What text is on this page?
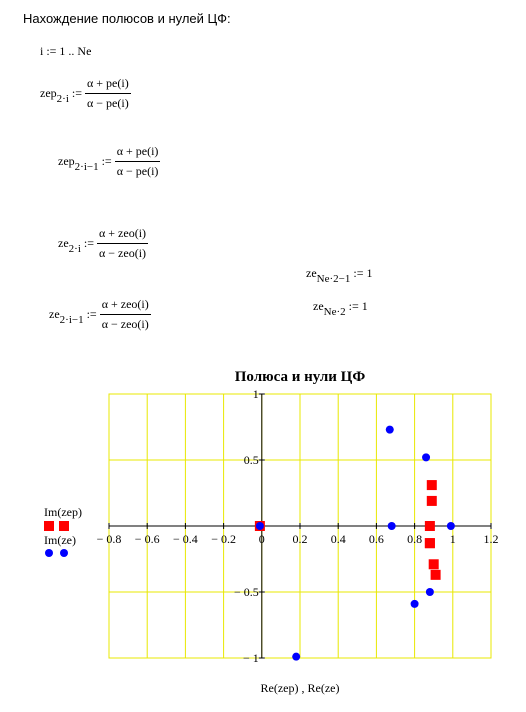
Нахождение полюсов и нулей ЦФ:
i := 1 .. Ne
zep2·i := $\frac{\alpha + pe(i)}{\alpha - pe(i)}$
zep2·i−1 := $\frac{\alpha + pe(i)}{\alpha - pe(i)}$
ze2·i := $\frac{\text{α + zeo(i)}}{\text{α − zeo(i)}}$
ze2·i−1 := $\frac{\text{α + zeo(i)}}{\text{α − zeo(i)}}$
zeNe·2−1 := 1
zeNe·2 := 1
Im(zep)
Im(ze)
Полюса и нули ЦФ
− 0.8 − 0.6 − 0.4 − 0.2 0 0.2 0.4 0.6 0.8 1 1.2
1
0.5
− 0.5
− 1
Re(zep) , Re(ze)
